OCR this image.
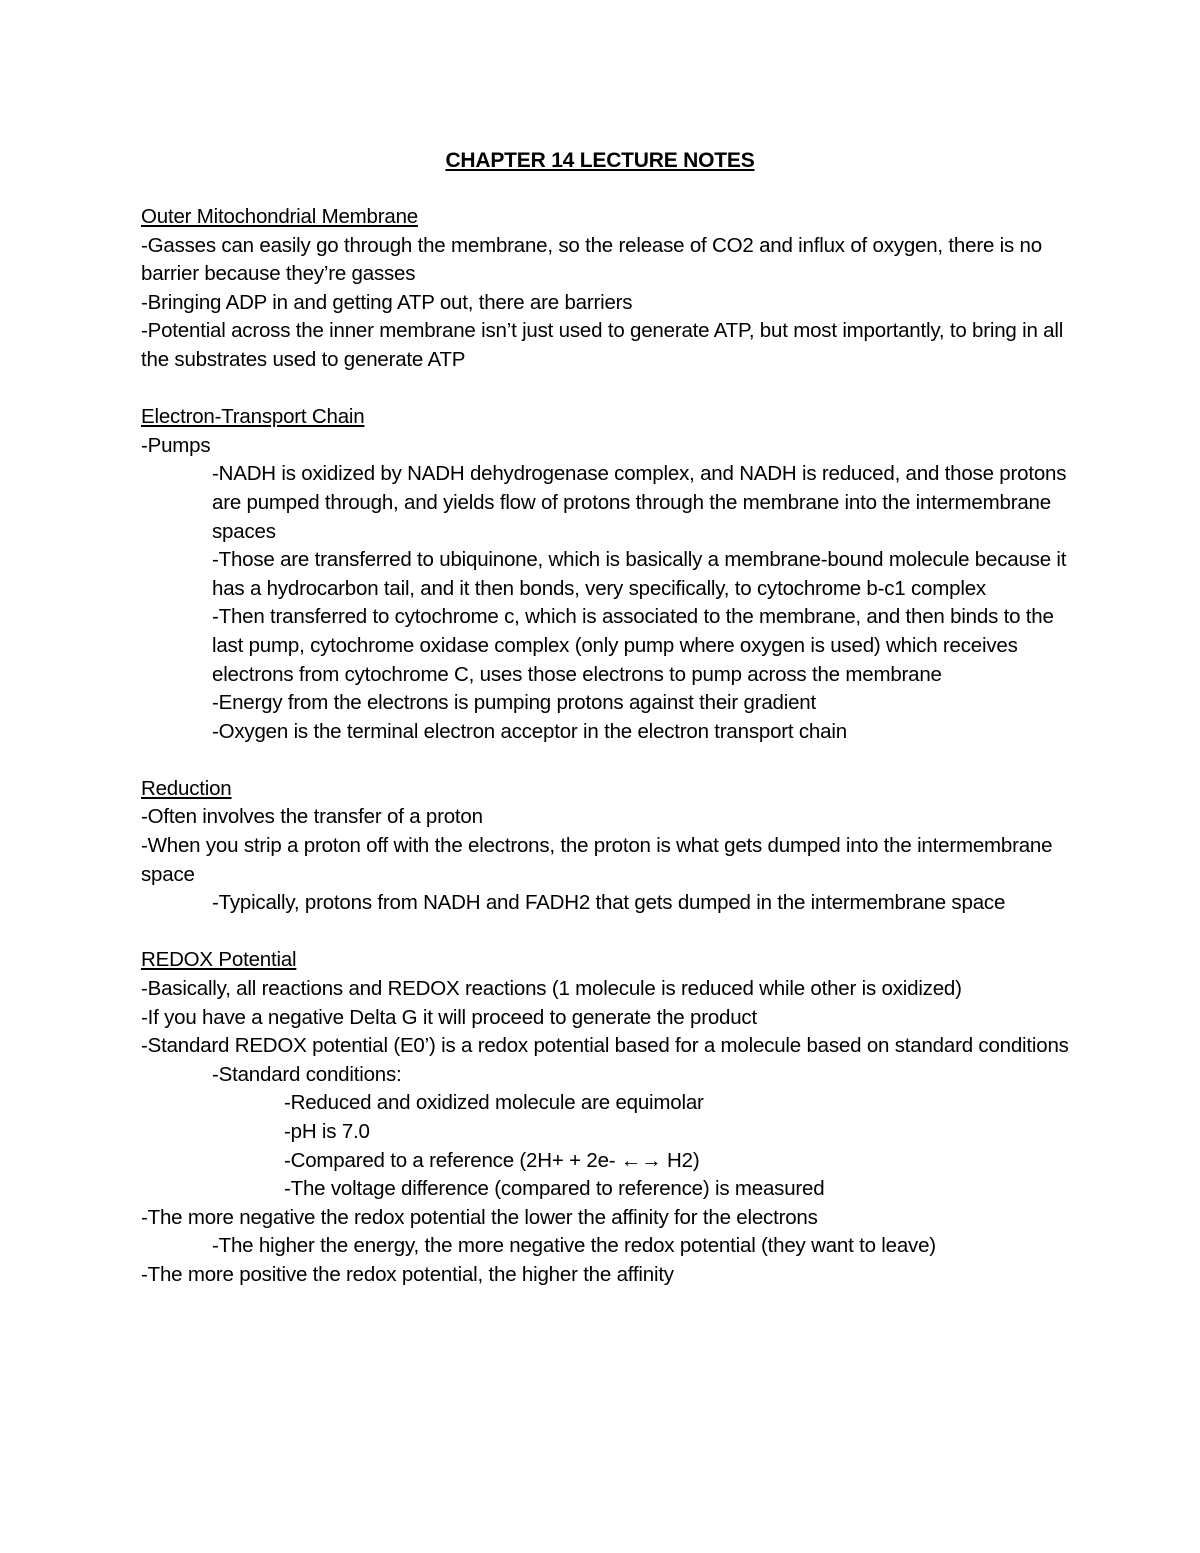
CHAPTER 14 LECTURE NOTES

Outer Mitochondrial Membrane

-Gasses can easily go through the membrane, so the release of CO2 and influx of oxygen, there is no barrier because they’re gasses

-Bringing ADP in and getting ATP out, there are barriers

-Potential across the inner membrane isn’t just used to generate ATP, but most importantly, to bring in all the substrates used to generate ATP

Electron-Transport Chain

-Pumps

-NADH is oxidized by NADH dehydrogenase complex, and NADH is reduced, and those protons are pumped through, and yields flow of protons through the membrane into the intermembrane spaces

-Those are transferred to ubiquinone, which is basically a membrane-bound molecule because it has a hydrocarbon tail, and it then bonds, very specifically, to cytochrome b-c1 complex

-Then transferred to cytochrome c, which is associated to the membrane, and then binds to the last pump, cytochrome oxidase complex (only pump where oxygen is used) which receives electrons from cytochrome C, uses those electrons to pump across the membrane

-Energy from the electrons is pumping protons against their gradient

-Oxygen is the terminal electron acceptor in the electron transport chain

Reduction

-Often involves the transfer of a proton

-When you strip a proton off with the electrons, the proton is what gets dumped into the intermembrane space

-Typically, protons from NADH and FADH2 that gets dumped in the intermembrane space

REDOX Potential

-Basically, all reactions and REDOX reactions (1 molecule is reduced while other is oxidized)

-If you have a negative Delta G it will proceed to generate the product

-Standard REDOX potential (E0’) is a redox potential based for a molecule based on standard conditions

-Standard conditions:

-Reduced and oxidized molecule are equimolar

-pH is 7.0

-Compared to a reference (2H+ + 2e- ←→ H2)

-The voltage difference (compared to reference) is measured

-The more negative the redox potential the lower the affinity for the electrons

-The higher the energy, the more negative the redox potential (they want to leave)

-The more positive the redox potential, the higher the affinity
